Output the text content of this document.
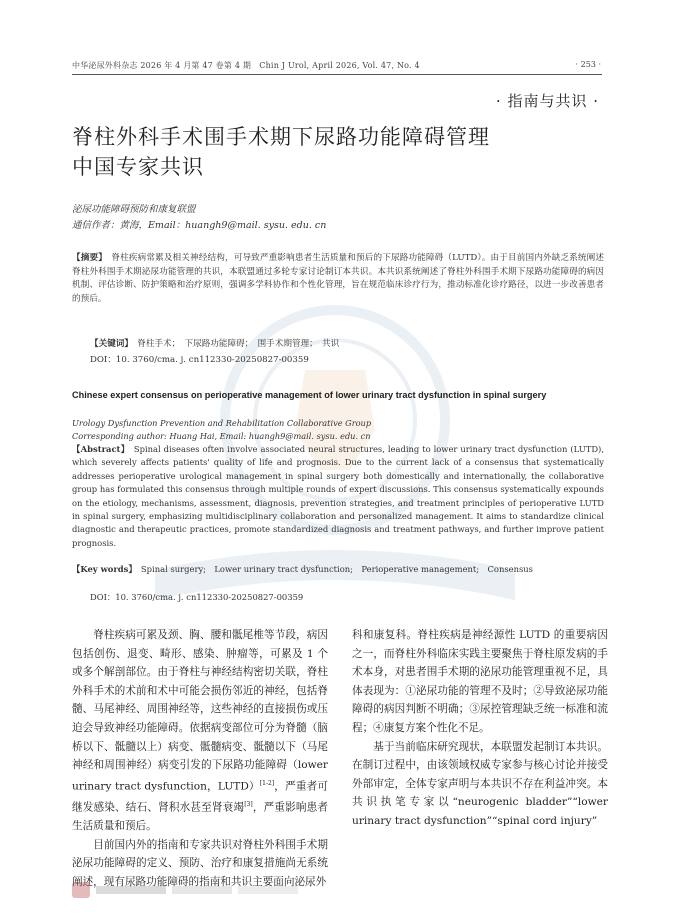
中华泌尿外科杂志 2026 年 4 月第 47 卷第 4 期　Chin J Urol, April 2026, Vol. 47, No. 4	· 253 ·
· 指南与共识 ·
脊柱外科手术围手术期下尿路功能障碍管理
中国专家共识
泌尿功能障碍预防和康复联盟
通信作者：黄海，Email：huangh9@mail. sysu. edu. cn
【摘要】　脊柱疾病常累及相关神经结构，可导致严重影响患者生活质量和预后的下尿路功能障碍（LUTD）。由于目前国内外缺乏系统阐述脊柱外科围手术期泌尿功能管理的共识，本联盟通过多轮专家讨论制订本共识。本共识系统阐述了脊柱外科围手术期下尿路功能障碍的病因机制、评估诊断、防护策略和治疗原则，强调多学科协作和个性化管理，旨在规范临床诊疗行为，推动标准化诊疗路径，以进一步改善患者的预后。
【关键词】　脊柱手术；　下尿路功能障碍；　围手术期管理；　共识
DOI：10. 3760/cma. j. cn112330-20250827-00359
Chinese expert consensus on perioperative management of lower urinary tract dysfunction in spinal surgery
Urology Dysfunction Prevention and Rehabilitation Collaborative Group
Corresponding author: Huang Hai, Email: huangh9@mail. sysu. edu. cn
【Abstract】　Spinal diseases often involve associated neural structures, leading to lower urinary tract dysfunction (LUTD), which severely affects patients' quality of life and prognosis. Due to the current lack of a consensus that systematically addresses perioperative urological management in spinal surgery both domestically and internationally, the collaborative group has formulated this consensus through multiple rounds of expert discussions. This consensus systematically expounds on the etiology, mechanisms, assessment, diagnosis, prevention strategies, and treatment principles of perioperative LUTD in spinal surgery, emphasizing multidisciplinary collaboration and personalized management. It aims to standardize clinical diagnostic and therapeutic practices, promote standardized diagnosis and treatment pathways, and further improve patient prognosis.
【Key words】　Spinal surgery;　Lower urinary tract dysfunction;　Perioperative management;　Consensus
DOI：10. 3760/cma. j. cn112330-20250827-00359

脊柱疾病可累及颈、胸、腰和骶尾椎等节段，病因包括创伤、退变、畸形、感染、肿瘤等，可累及 1 个或多个解剖部位。由于脊柱与神经结构密切关联，脊柱外科手术的术前和术中可能会损伤邻近的神经，包括脊髓、马尾神经、周围神经等，这些神经的直接损伤或压迫会导致神经功能障碍。依据病变部位可分为脊髓（脑桥以下、骶髓以上）病变、骶髓病变、骶髓以下（马尾神经和周围神经）病变引发的下尿路功能障碍（lower urinary tract dysfunction，LUTD）[1-2]，严重者可继发感染、结石、肾积水甚至肾衰竭[3]，严重影响患者生活质量和预后。

目前国内外的指南和专家共识对脊柱外科围手术期泌尿功能障碍的定义、预防、治疗和康复措施尚无系统阐述，现有尿路功能障碍的指南和共识主要面向泌尿外

科和康复科。脊柱疾病是神经源性 LUTD 的重要病因之一，而脊柱外科临床实践主要聚焦于脊柱原发病的手术本身，对患者围手术期的泌尿功能管理重视不足，具体表现为：①泌尿功能的管理不及时；②导致泌尿功能障碍的病因判断不明确；③尿控管理缺乏统一标准和流程；④康复方案个性化不足。

基于当前临床研究现状，本联盟发起制订本共识。在制订过程中，由该领域权威专家参与核心讨论并接受外部审定，全体专家声明与本共识不存在利益冲突。本共识执笔专家以“neurogenic bladder”“lower urinary tract dysfunction”“spinal cord injury”
